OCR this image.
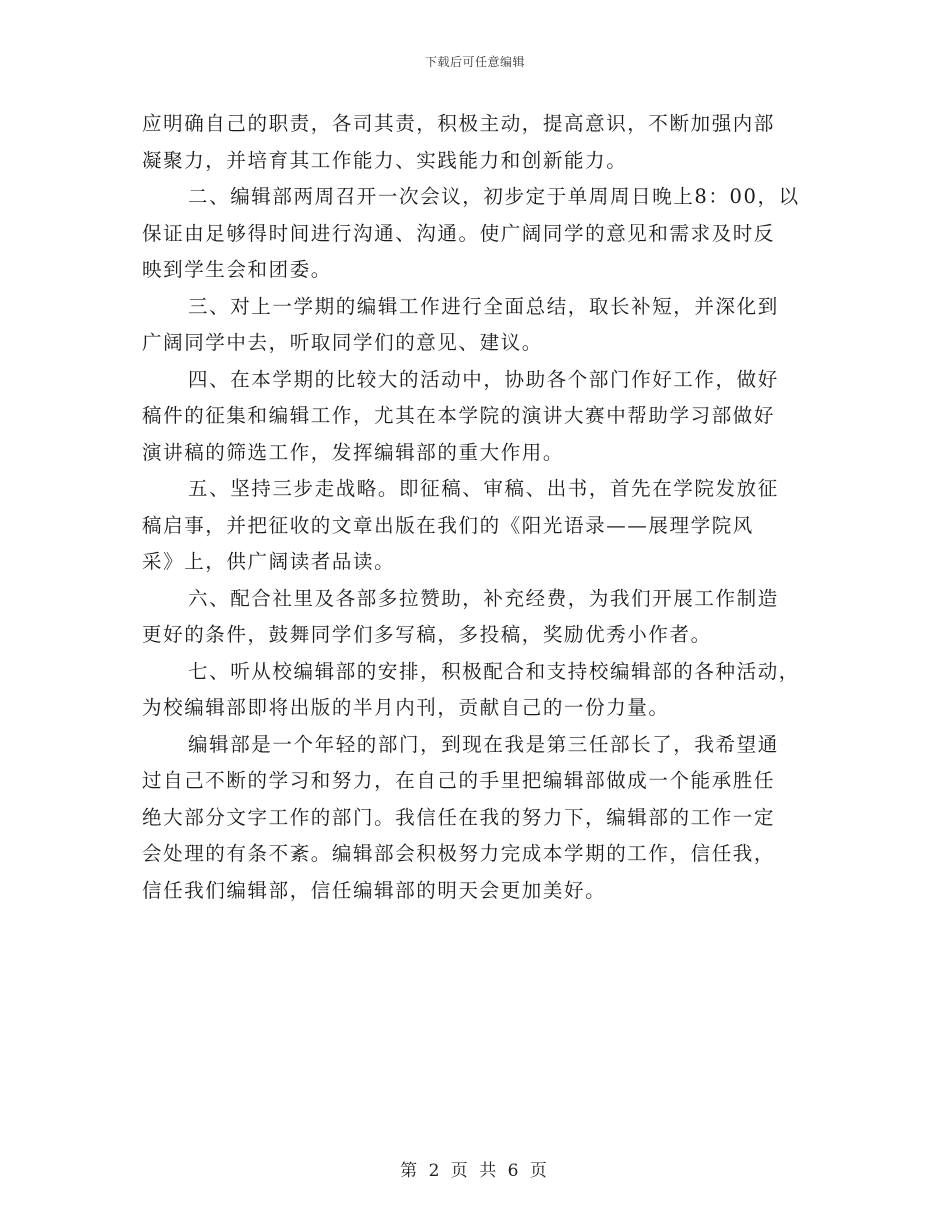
下载后可任意编辑
应明确自己的职责，各司其责，积极主动，提高意识，不断加强内部
凝聚力，并培育其工作能力、实践能力和创新能力。
二、编辑部两周召开一次会议，初步定于单周周日晚上8：00，以
保证由足够得时间进行沟通、沟通。使广阔同学的意见和需求及时反
映到学生会和团委。
三、对上一学期的编辑工作进行全面总结，取长补短，并深化到
广阔同学中去，听取同学们的意见、建议。
四、在本学期的比较大的活动中，协助各个部门作好工作，做好
稿件的征集和编辑工作，尤其在本学院的演讲大赛中帮助学习部做好
演讲稿的筛选工作，发挥编辑部的重大作用。
五、坚持三步走战略。即征稿、审稿、出书，首先在学院发放征
稿启事，并把征收的文章出版在我们的《阳光语录——展理学院风
采》上，供广阔读者品读。
六、配合社里及各部多拉赞助，补充经费，为我们开展工作制造
更好的条件，鼓舞同学们多写稿，多投稿，奖励优秀小作者。
七、听从校编辑部的安排，积极配合和支持校编辑部的各种活动，
为校编辑部即将出版的半月内刊，贡献自己的一份力量。
编辑部是一个年轻的部门，到现在我是第三任部长了，我希望通
过自己不断的学习和努力，在自己的手里把编辑部做成一个能承胜任
绝大部分文字工作的部门。我信任在我的努力下，编辑部的工作一定
会处理的有条不紊。编辑部会积极努力完成本学期的工作，信任我，
信任我们编辑部，信任编辑部的明天会更加美好。
第 2 页 共 6 页
